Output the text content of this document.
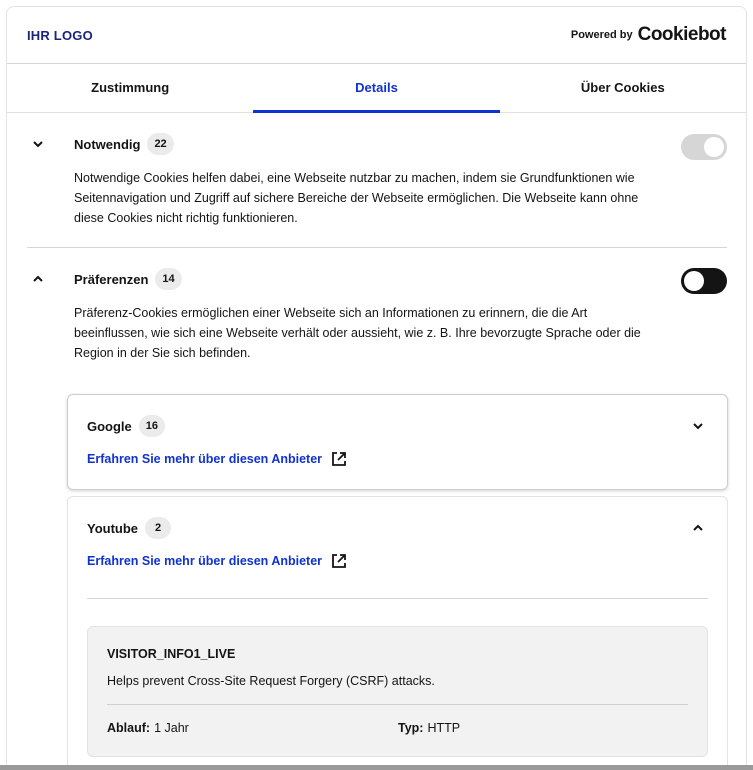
IHR LOGO	Powered by Cookiebot
Zustimmung	Details	Über Cookies
Notwendig	22
Notwendige Cookies helfen dabei, eine Webseite nutzbar zu machen, indem sie Grundfunktionen wie Seitennavigation und Zugriff auf sichere Bereiche der Webseite ermöglichen. Die Webseite kann ohne diese Cookies nicht richtig funktionieren.
Präferenzen	14
Präferenz-Cookies ermöglichen einer Webseite sich an Informationen zu erinnern, die die Art beeinflussen, wie sich eine Webseite verhält oder aussieht, wie z. B. Ihre bevorzugte Sprache oder die Region in der Sie sich befinden.
Google	16
Erfahren Sie mehr über diesen Anbieter
Youtube	2
Erfahren Sie mehr über diesen Anbieter
VISITOR_INFO1_LIVE
Helps prevent Cross-Site Request Forgery (CSRF) attacks.
Ablauf: 1 Jahr	Typ: HTTP
